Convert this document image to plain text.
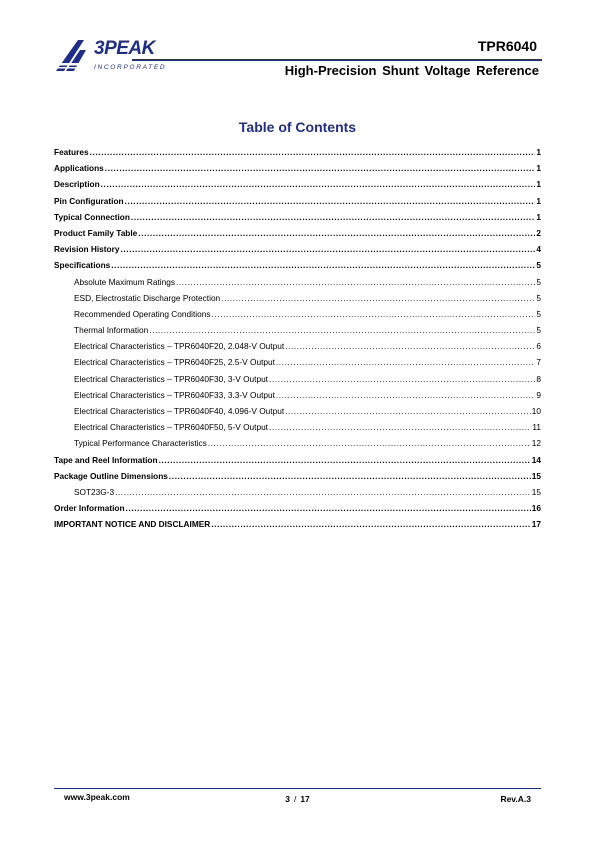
3PEAK
INCORPORATED
TPR6040
High-Precision Shunt Voltage Reference
Table of Contents
Features .....	1
Applications .....	1
Description .....	1
Pin Configuration .....	1
Typical Connection .....	1
Product Family Table .....	2
Revision History .....	4
Specifications .....	5
Absolute Maximum Ratings .....	5
ESD, Electrostatic Discharge Protection .....	5
Recommended Operating Conditions .....	5
Thermal Information .....	5
Electrical Characteristics – TPR6040F20, 2.048-V Output .....	6
Electrical Characteristics – TPR6040F25, 2.5-V Output .....	7
Electrical Characteristics – TPR6040F30, 3-V Output .....	8
Electrical Characteristics – TPR6040F33, 3.3-V Output .....	9
Electrical Characteristics – TPR6040F40, 4.096-V Output .....	10
Electrical Characteristics – TPR6040F50, 5-V Output .....	11
Typical Performance Characteristics .....	12
Tape and Reel Information .....	14
Package Outline Dimensions .....	15
SOT23G-3 .....	15
Order Information .....	16
IMPORTANT NOTICE AND DISCLAIMER .....	17
www.3peak.com	3 / 17	Rev.A.3
